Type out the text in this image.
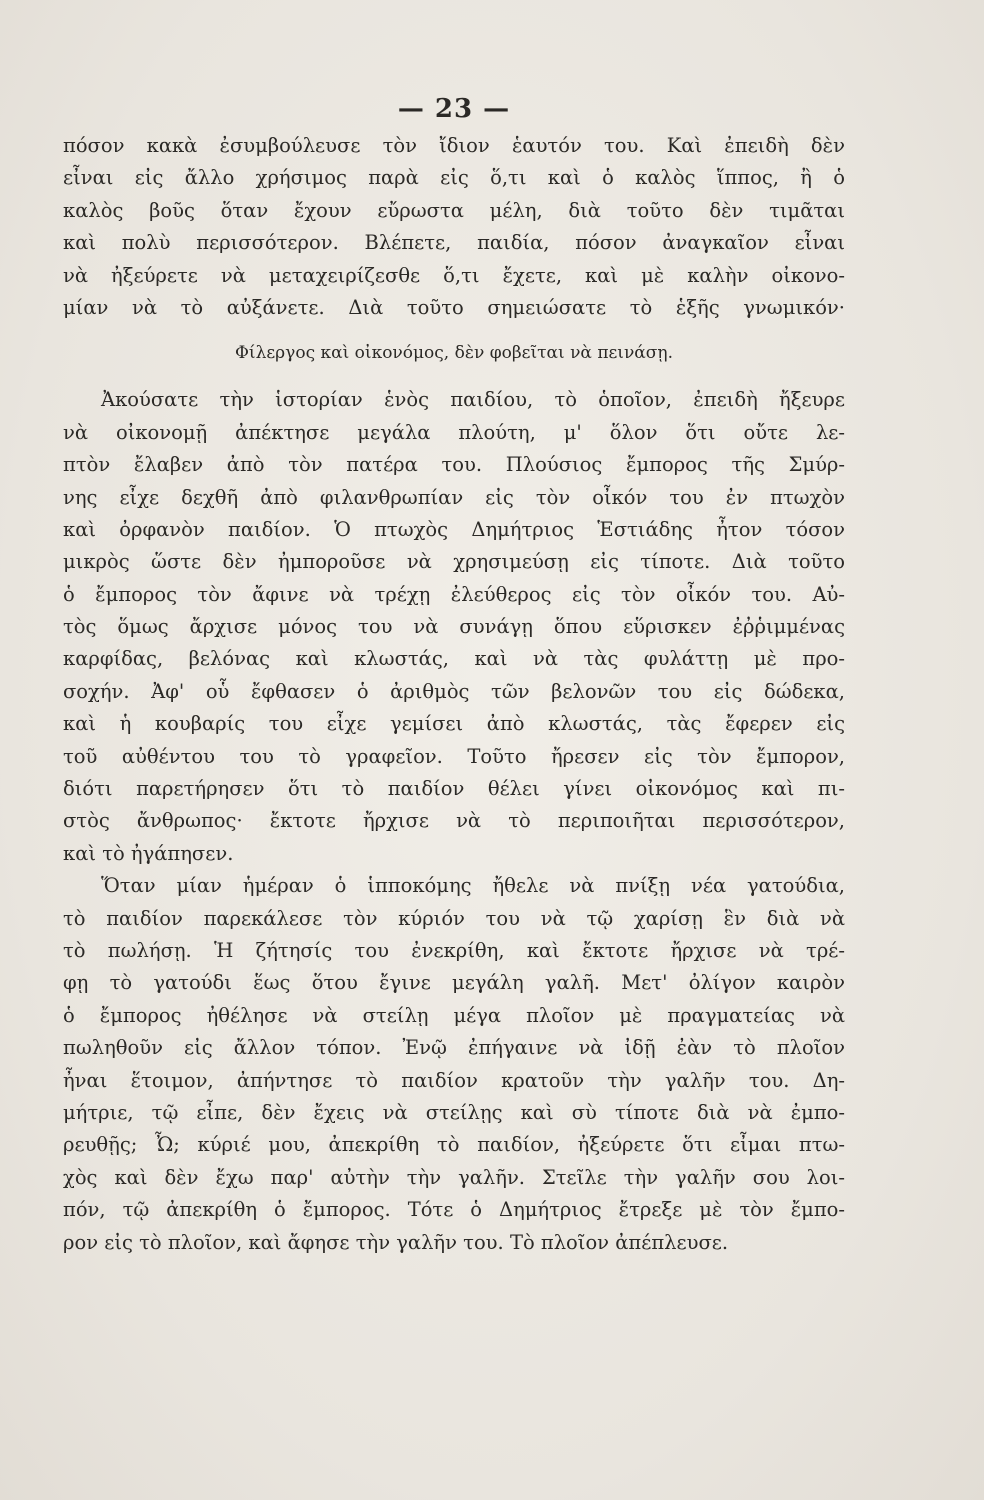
— 23 —
πόσον κακὰ ἐσυμβούλευσε τὸν ἴδιον ἑαυτόν του. Καὶ ἐπειδὴ δὲν
εἶναι εἰς ἄλλο χρήσιμος παρὰ εἰς ὅ,τι καὶ ὁ καλὸς ἵππος, ἢ ὁ
καλὸς βοῦς ὅταν ἔχουν εὔρωστα μέλη, διὰ τοῦτο δὲν τιμᾶται
καὶ πολὺ περισσότερον. Βλέπετε, παιδία, πόσον ἀναγκαῖον εἶναι
νὰ ἠξεύρετε νὰ μεταχειρίζεσθε ὅ,τι ἔχετε, καὶ μὲ καλὴν οἰκονο-
μίαν νὰ τὸ αὐξάνετε. Διὰ τοῦτο σημειώσατε τὸ ἑξῆς γνωμικόν·
Φίλεργος καὶ οἰκονόμος, δὲν φοβεῖται νὰ πεινάσῃ.
Ἀκούσατε τὴν ἱστορίαν ἑνὸς παιδίου, τὸ ὁποῖον, ἐπειδὴ ἤξευρε
νὰ οἰκονομῇ ἀπέκτησε μεγάλα πλούτη, μ' ὅλον ὅτι οὔτε λε-
πτὸν ἔλαβεν ἀπὸ τὸν πατέρα του. Πλούσιος ἔμπορος τῆς Σμύρ-
νης εἶχε δεχθῆ ἀπὸ φιλανθρωπίαν εἰς τὸν οἶκόν του ἐν πτωχὸν
καὶ ὀρφανὸν παιδίον. Ὁ πτωχὸς Δημήτριος Ἑστιάδης ἦτον τόσον
μικρὸς ὥστε δὲν ἠμποροῦσε νὰ χρησιμεύσῃ εἰς τίποτε. Διὰ τοῦτο
ὁ ἔμπορος τὸν ἄφινε νὰ τρέχῃ ἐλεύθερος εἰς τὸν οἶκόν του. Αὐ-
τὸς ὅμως ἄρχισε μόνος του νὰ συνάγῃ ὅπου εὕρισκεν ἐῤῥιμμένας
καρφίδας, βελόνας καὶ κλωστάς, καὶ νὰ τὰς φυλάττῃ μὲ προ-
σοχήν. Ἀφ' οὗ ἔφθασεν ὁ ἀριθμὸς τῶν βελονῶν του εἰς δώδεκα,
καὶ ἡ κουβαρίς του εἶχε γεμίσει ἀπὸ κλωστάς, τὰς ἔφερεν εἰς
τοῦ αὐθέντου του τὸ γραφεῖον. Τοῦτο ἤρεσεν εἰς τὸν ἔμπορον,
διότι παρετήρησεν ὅτι τὸ παιδίον θέλει γίνει οἰκονόμος καὶ πι-
στὸς ἄνθρωπος· ἔκτοτε ἤρχισε νὰ τὸ περιποιῆται περισσότερον,
καὶ τὸ ἠγάπησεν.
Ὅταν μίαν ἡμέραν ὁ ἱπποκόμης ἤθελε νὰ πνίξῃ νέα γατούδια,
τὸ παιδίον παρεκάλεσε τὸν κύριόν του νὰ τῷ χαρίσῃ ἓν διὰ νὰ
τὸ πωλήσῃ. Ἡ ζήτησίς του ἐνεκρίθη, καὶ ἔκτοτε ἤρχισε νὰ τρέ-
φῃ τὸ γατούδι ἕως ὅτου ἔγινε μεγάλη γαλῆ. Μετ' ὀλίγον καιρὸν
ὁ ἔμπορος ἠθέλησε νὰ στείλῃ μέγα πλοῖον μὲ πραγματείας νὰ
πωληθοῦν εἰς ἄλλον τόπον. Ἐνῷ ἐπήγαινε νὰ ἰδῇ ἐὰν τὸ πλοῖον
ἦναι ἕτοιμον, ἀπήντησε τὸ παιδίον κρατοῦν τὴν γαλῆν του. Δη-
μήτριε, τῷ εἶπε, δὲν ἔχεις νὰ στείλῃς καὶ σὺ τίποτε διὰ νὰ ἐμπο-
ρευθῇς; Ὦ; κύριέ μου, ἀπεκρίθη τὸ παιδίον, ἠξεύρετε ὅτι εἶμαι πτω-
χὸς καὶ δὲν ἔχω παρ' αὐτὴν τὴν γαλῆν. Στεῖλε τὴν γαλῆν σου λοι-
πόν, τῷ ἀπεκρίθη ὁ ἔμπορος. Τότε ὁ Δημήτριος ἔτρεξε μὲ τὸν ἔμπο-
ρον εἰς τὸ πλοῖον, καὶ ἄφησε τὴν γαλῆν του. Τὸ πλοῖον ἀπέπλευσε.
